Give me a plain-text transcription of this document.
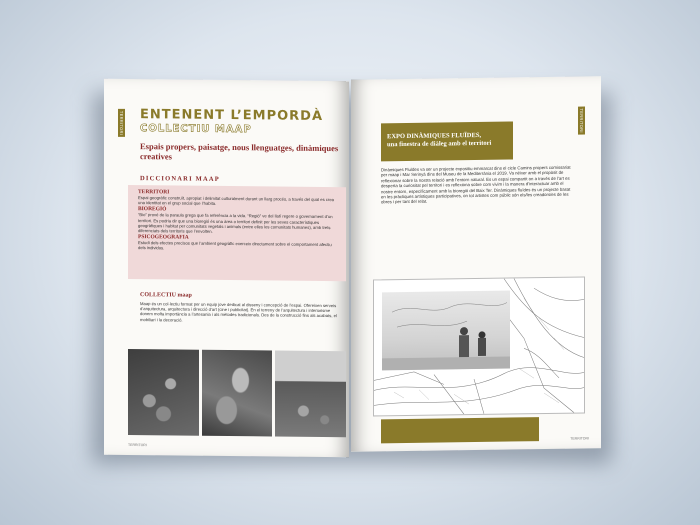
TERRITORI ENTENENT L’EMPORDÀ
COLLECTIU MAAP
Espais propers, paisatge, nous llenguatges, dinàmiques creatives
DICCIONARI MAAP
TERRITORI
Espai geogràfic construït, apropiat i delimitat culturalment durant un llarg procés, a través del qual es crea una identitat en el grup social que l’habita.
BIOREGIÓ
“Bio” prové de la paraula grega que fa referència a la vida. “Regió” ve del llatí regere o governament d’un territori. Es podria dir que una bioregió és una àrea o territori definit per les seves característiques geogràfiques i habitat per comunitats vegetals i animals (entre elles les comunitats humanes), amb trets diferenciats dels territoris que l’envolten.
PSICOGEOGRAFIA
Estudi dels efectes precisos que l’ambient geogràfic exerceix directament sobre el comportament afectiu dels individus.
COLLECTIU maap
Maap és un col·lectiu format per un equip jove dedicat al disseny i concepció de l’espai. Ofereixen serveis d’arquitectura, arquitectura i direcció d’art (cine i publicitat). En el terreny de l’arquitectura i interiorisme donem molta importància a l’artesania i als mètodes tradicionals. Des de la construcció fins als acabats, el mobiliari i la decoració.
TERRITORI
TERRITORI
EXPO DINÀMIQUES FLUÏDES,
una finestra de diàleg amb el territori
Dinàmiques Fluïdes va ser un projecte expositiu emmarcat dins el cicle Camins propers comissariat per maap i Mar Serinyà dins del Museu de la Mediterrània el 2019. Va néixer amb el propòsit de reflexionar sobre la nostra relació amb l’entorn natural. Es un espai compartit on a través de l’art es desperta la curiositat pel territori i es reflexiona sobre com vivim i la manera d’interactuar amb el nostre entorn, específicament amb la bioregió del Baix Ter. Dinàmiques fluïdes és un projecte basat en les pràctiques artístiques participatives, on tot artistes com públic són els/les creadors/es de les obres i per tant del relat.
TERRITORI
